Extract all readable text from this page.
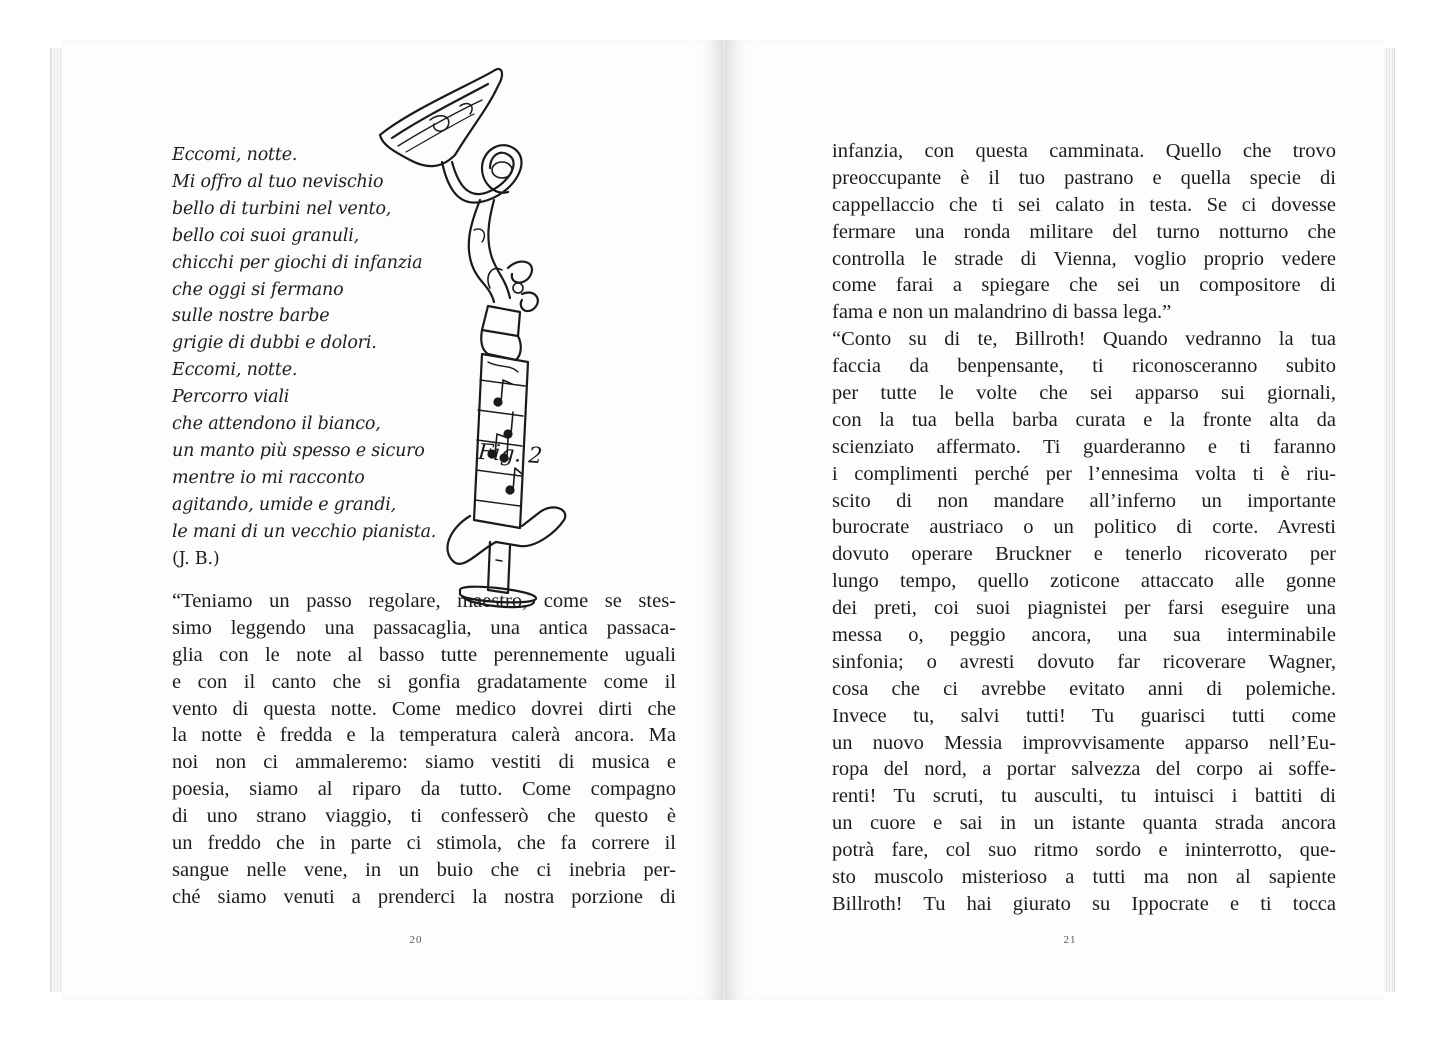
Eccomi, notte.
Mi offro al tuo nevischio
bello di turbini nel vento,
bello coi suoi granuli,
chicchi per giochi di infanzia
che oggi si fermano
sulle nostre barbe
grigie di dubbi e dolori.
Eccomi, notte.
Percorro viali
che attendono il bianco,
un manto più spesso e sicuro
mentre io mi racconto
agitando, umide e grandi,
le mani di un vecchio pianista.
(J. B.)
Fig. 2
“Teniamo un passo regolare, maestro, come se stes-
simo leggendo una passacaglia, una antica passaca-
glia con le note al basso tutte perennemente uguali
e con il canto che si gonfia gradatamente come il
vento di questa notte. Come medico dovrei dirti che
la notte è fredda e la temperatura calerà ancora. Ma
noi non ci ammaleremo: siamo vestiti di musica e
poesia, siamo al riparo da tutto. Come compagno
di uno strano viaggio, ti confesserò che questo è
un freddo che in parte ci stimola, che fa correre il
sangue nelle vene, in un buio che ci inebria per-
ché siamo venuti a prenderci la nostra porzione di
20
infanzia, con questa camminata. Quello che trovo
preoccupante è il tuo pastrano e quella specie di
cappellaccio che ti sei calato in testa. Se ci dovesse
fermare una ronda militare del turno notturno che
controlla le strade di Vienna, voglio proprio vedere
come farai a spiegare che sei un compositore di
fama e non un malandrino di bassa lega.”
“Conto su di te, Billroth! Quando vedranno la tua
faccia da benpensante, ti riconosceranno subito
per tutte le volte che sei apparso sui giornali,
con la tua bella barba curata e la fronte alta da
scienziato affermato. Ti guarderanno e ti faranno
i complimenti perché per l’ennesima volta ti è riu-
scito di non mandare all’inferno un importante
burocrate austriaco o un politico di corte. Avresti
dovuto operare Bruckner e tenerlo ricoverato per
lungo tempo, quello zoticone attaccato alle gonne
dei preti, coi suoi piagnistei per farsi eseguire una
messa o, peggio ancora, una sua interminabile
sinfonia; o avresti dovuto far ricoverare Wagner,
cosa che ci avrebbe evitato anni di polemiche.
Invece tu, salvi tutti! Tu guarisci tutti come
un nuovo Messia improvvisamente apparso nell’Eu-
ropa del nord, a portar salvezza del corpo ai soffe-
renti! Tu scruti, tu ausculti, tu intuisci i battiti di
un cuore e sai in un istante quanta strada ancora
potrà fare, col suo ritmo sordo e ininterrotto, que-
sto muscolo misterioso a tutti ma non al sapiente
Billroth! Tu hai giurato su Ippocrate e ti tocca
21
